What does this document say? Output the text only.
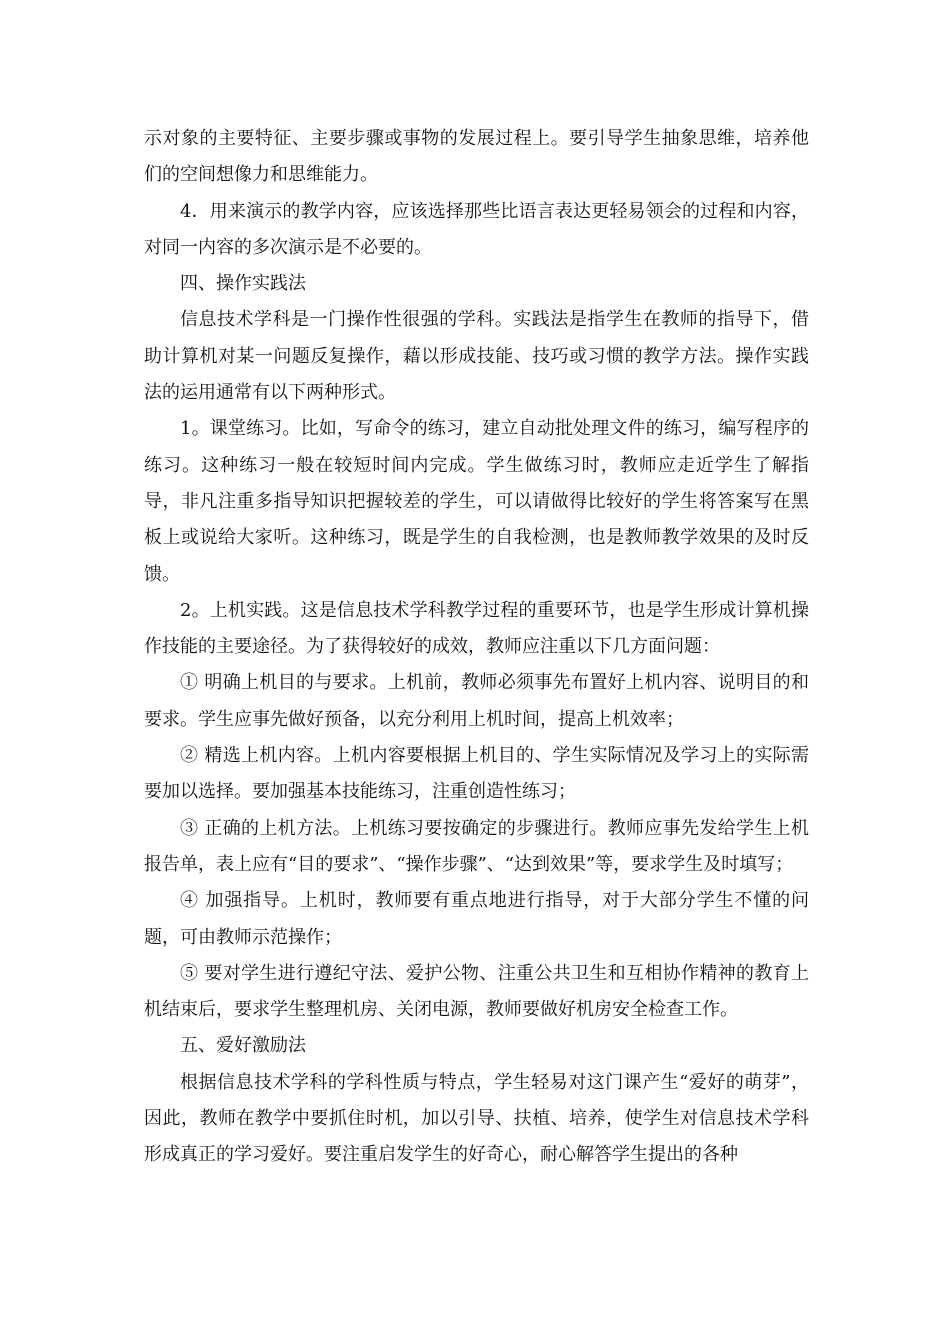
示对象的主要特征、主要步骤或事物的发展过程上。要引导学生抽象思维，培养他们的空间想像力和思维能力。

4．用来演示的教学内容，应该选择那些比语言表达更轻易领会的过程和内容，对同一内容的多次演示是不必要的。

四、操作实践法

信息技术学科是一门操作性很强的学科。实践法是指学生在教师的指导下，借助计算机对某一问题反复操作，藉以形成技能、技巧或习惯的教学方法。操作实践法的运用通常有以下两种形式。

1。课堂练习。比如，写命令的练习，建立自动批处理文件的练习，编写程序的练习。这种练习一般在较短时间内完成。学生做练习时，教师应走近学生了解指导，非凡注重多指导知识把握较差的学生，可以请做得比较好的学生将答案写在黑板上或说给大家听。这种练习，既是学生的自我检测，也是教师教学效果的及时反馈。

2。上机实践。这是信息技术学科教学过程的重要环节，也是学生形成计算机操作技能的主要途径。为了获得较好的成效，教师应注重以下几方面问题：

① 明确上机目的与要求。上机前，教师必须事先布置好上机内容、说明目的和要求。学生应事先做好预备，以充分利用上机时间，提高上机效率；

② 精选上机内容。上机内容要根据上机目的、学生实际情况及学习上的实际需要加以选择。要加强基本技能练习，注重创造性练习；

③ 正确的上机方法。上机练习要按确定的步骤进行。教师应事先发给学生上机报告单，表上应有“目的要求”、“操作步骤”、“达到效果”等，要求学生及时填写；

④ 加强指导。上机时，教师要有重点地进行指导，对于大部分学生不懂的问题，可由教师示范操作；

⑤ 要对学生进行遵纪守法、爱护公物、注重公共卫生和互相协作精神的教育上机结束后，要求学生整理机房、关闭电源，教师要做好机房安全检查工作。

五、爱好激励法

根据信息技术学科的学科性质与特点，学生轻易对这门课产生“爱好的萌芽”，因此，教师在教学中要抓住时机，加以引导、扶植、培养，使学生对信息技术学科形成真正的学习爱好。要注重启发学生的好奇心，耐心解答学生提出的各种
